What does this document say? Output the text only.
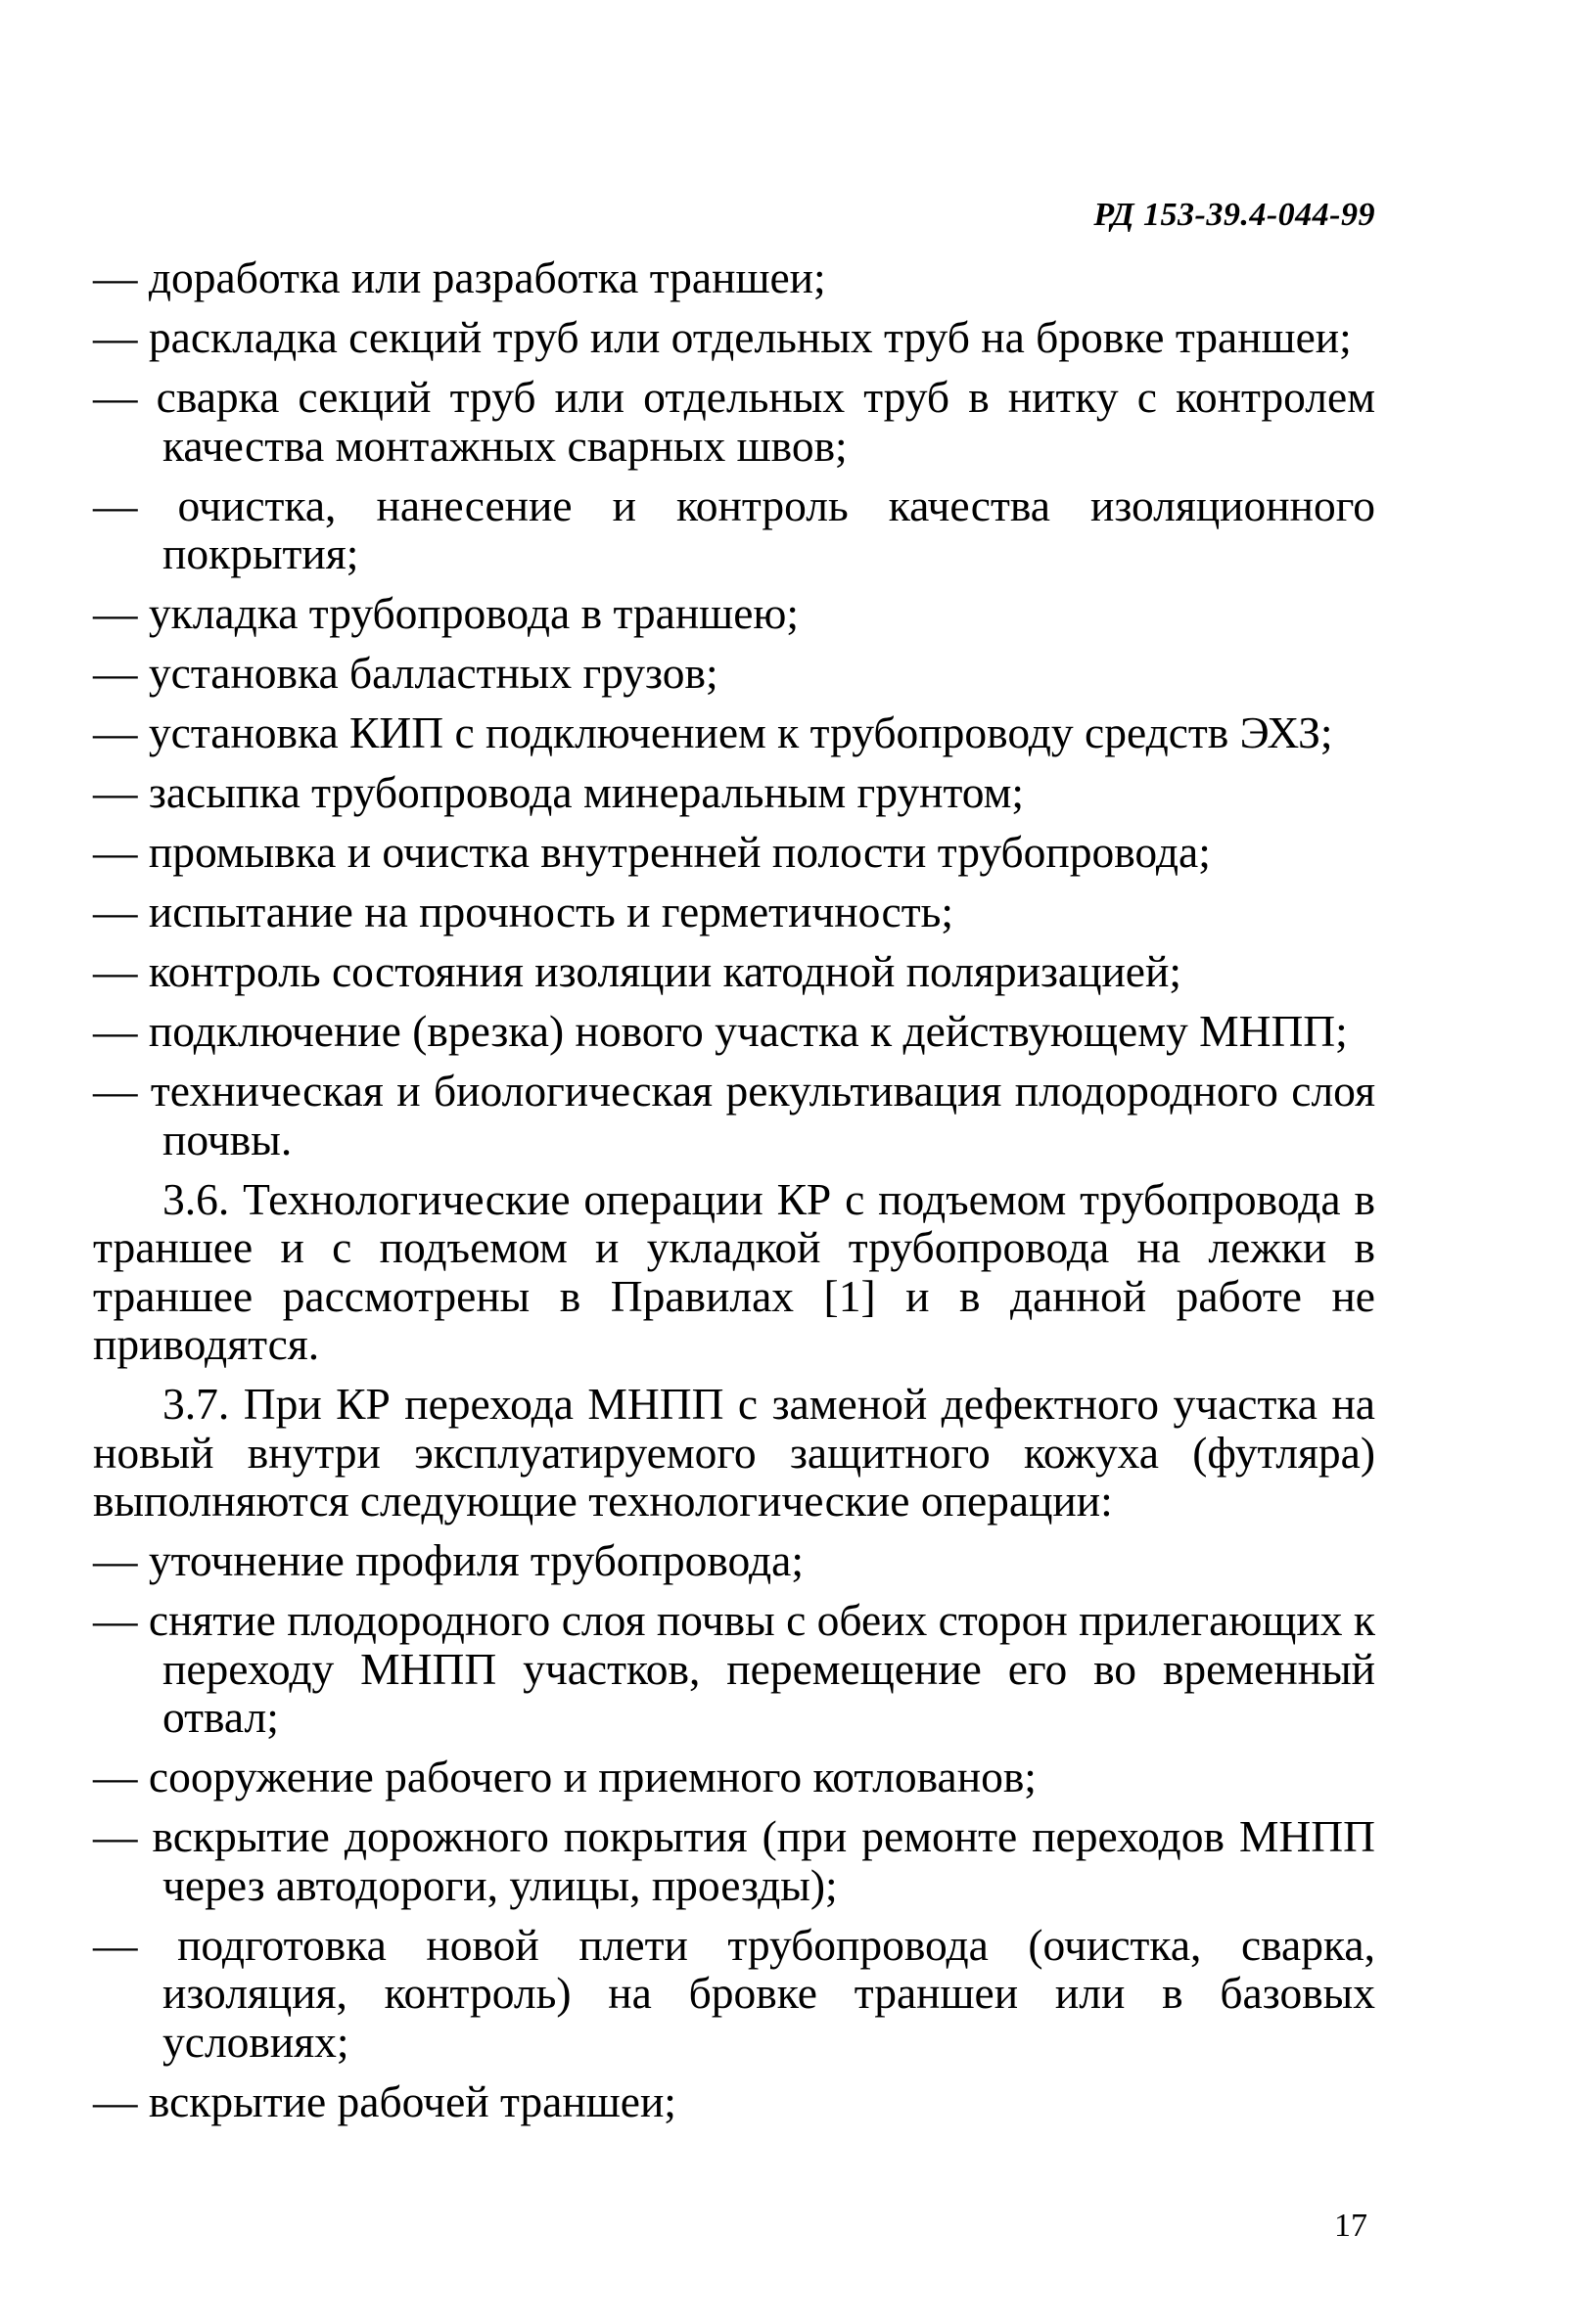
РД 153-39.4-044-99
— доработка или разработка траншеи;
— раскладка секций труб или отдельных труб на бровке траншеи;
— сварка секций труб или отдельных труб в нитку с контролем качества монтажных сварных швов;
— очистка, нанесение и контроль качества изоляционного покрытия;
— укладка трубопровода в траншею;
— установка балластных грузов;
— установка КИП с подключением к трубопроводу средств ЭХЗ;
— засыпка трубопровода минеральным грунтом;
— промывка и очистка внутренней полости трубопровода;
— испытание на прочность и герметичность;
— контроль состояния изоляции катодной поляризацией;
— подключение (врезка) нового участка к действующему МНПП;
— техническая и биологическая рекультивация плодородного слоя почвы.

3.6. Технологические операции КР с подъемом трубопровода в траншее и с подъемом и укладкой трубопровода на лежки в траншее рассмотрены в Правилах [1] и в данной работе не приводятся.

3.7. При КР перехода МНПП с заменой дефектного участка на новый внутри эксплуатируемого защитного кожуха (футляра) выполняются следующие технологические операции:

— уточнение профиля трубопровода;
— снятие плодородного слоя почвы с обеих сторон прилегающих к переходу МНПП участков, перемещение его во временный отвал;
— сооружение рабочего и приемного котлованов;
— вскрытие дорожного покрытия (при ремонте переходов МНПП через автодороги, улицы, проезды);
— подготовка новой плети трубопровода (очистка, сварка, изоляция, контроль) на бровке траншеи или в базовых условиях;
— вскрытие рабочей траншеи;
17
